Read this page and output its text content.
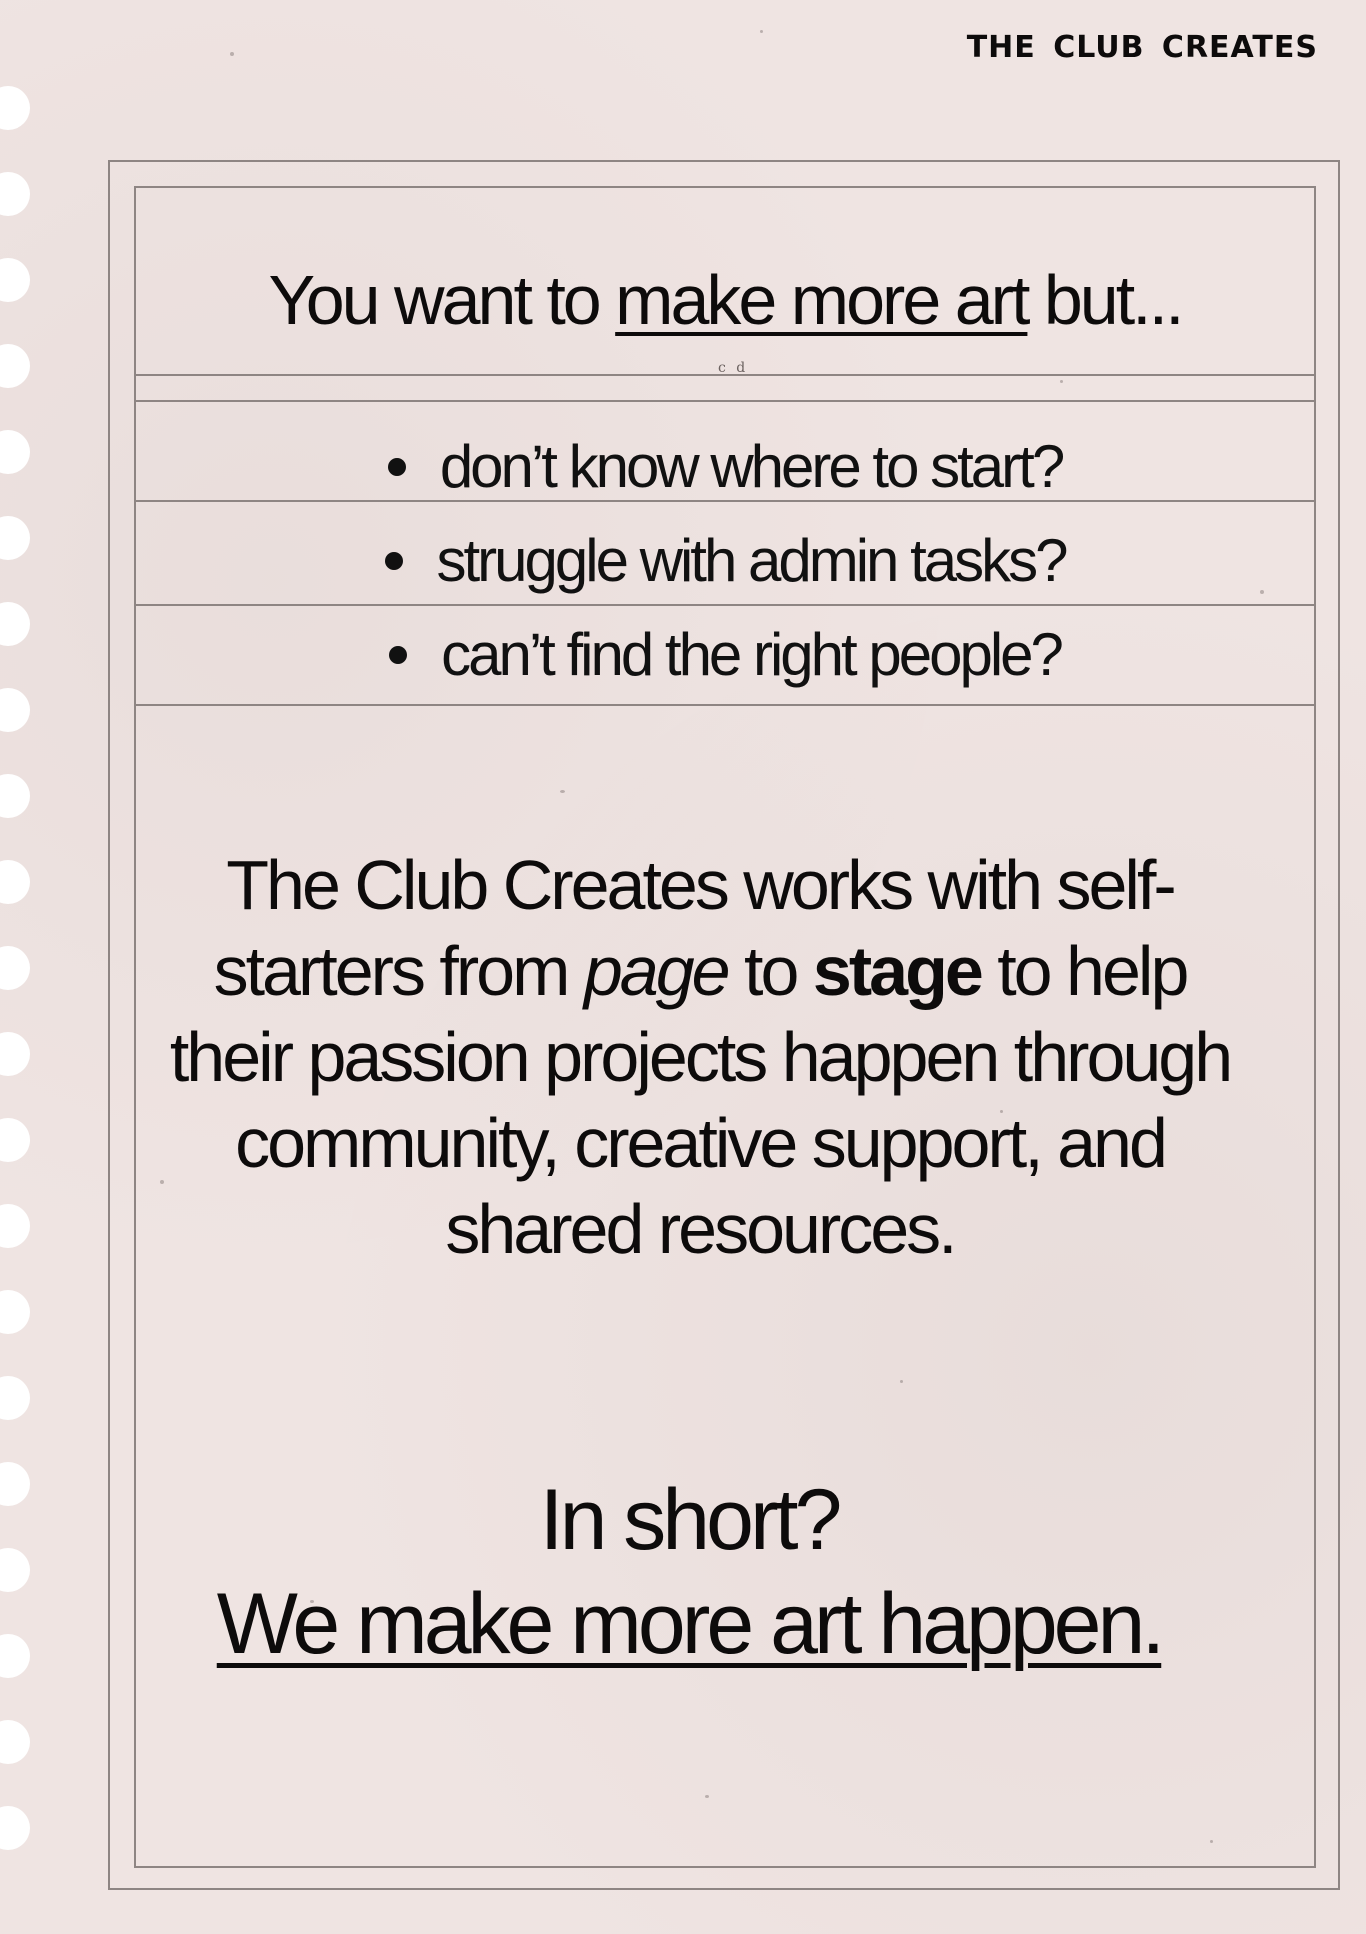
THE CLUB CREATES
You want to make more art but...
c d
don’t know where to start?
struggle with admin tasks?
can’t find the right people?

The Club Creates works with self-starters from page to stage to help their passion projects happen through community, creative support, and shared resources.

In short?
We make more art happen.
